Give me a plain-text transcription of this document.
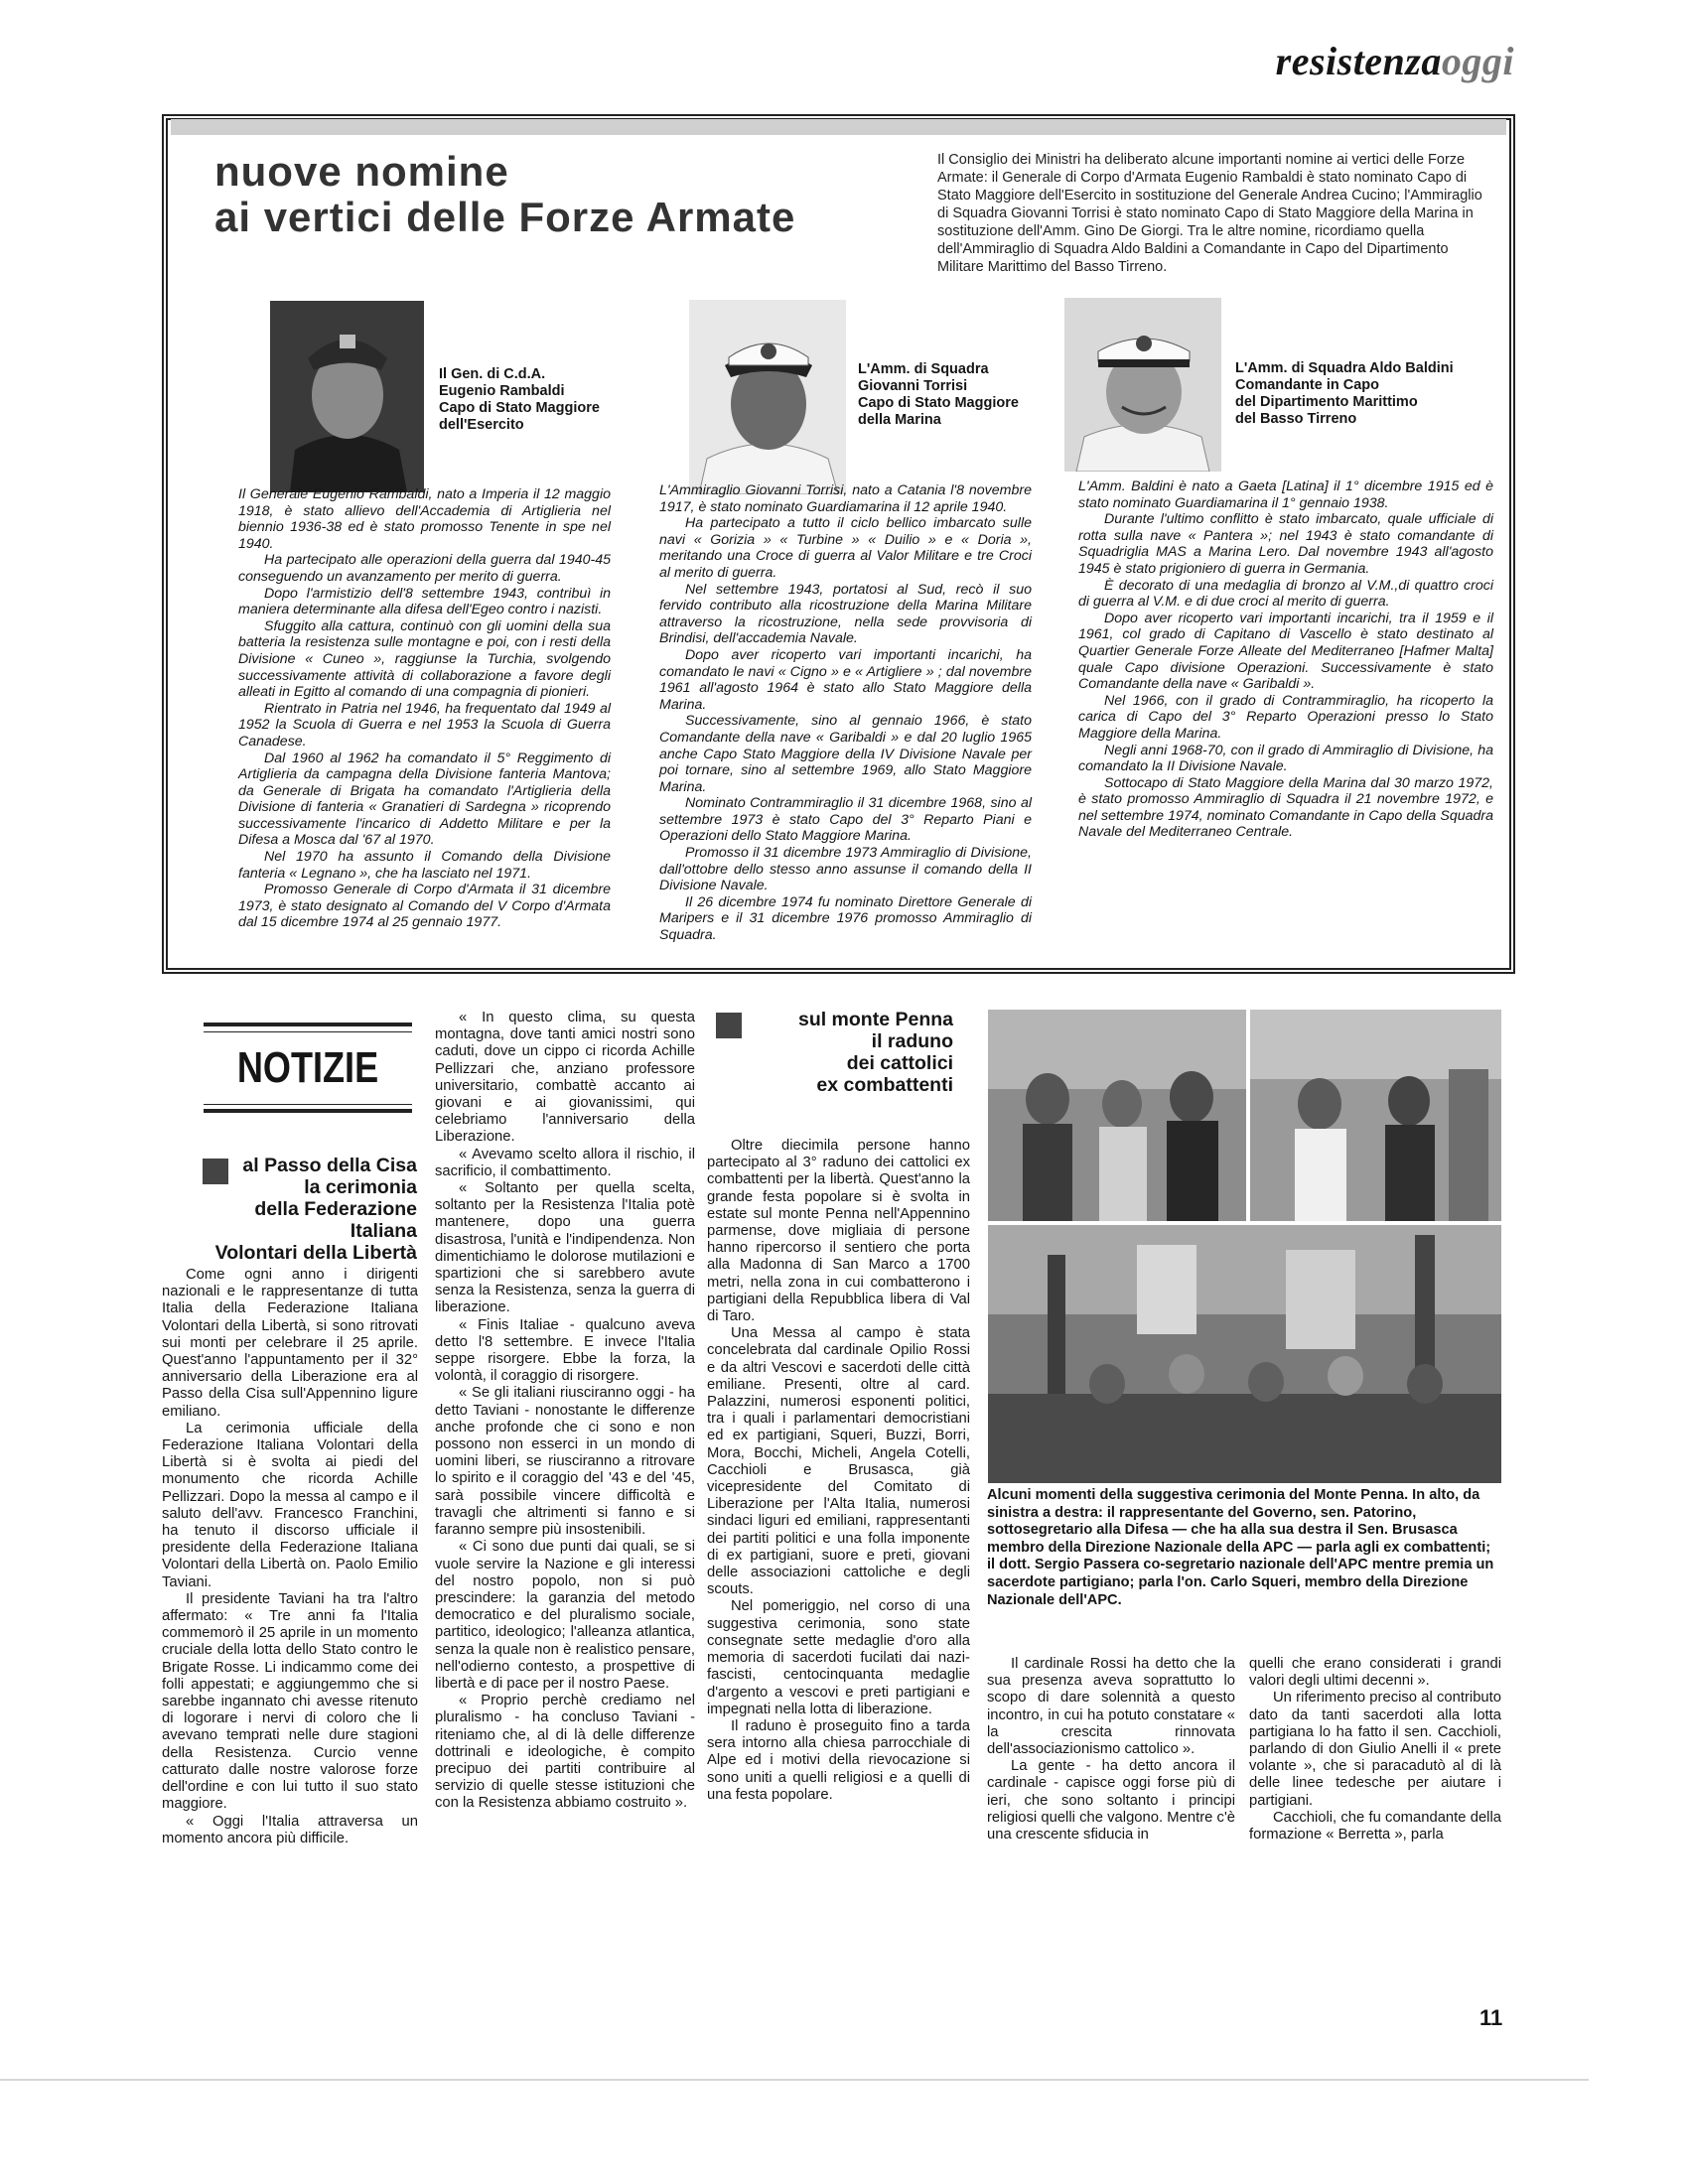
resistenzaoggi
nuove nomine
ai vertici delle Forze Armate
Il Consiglio dei Ministri ha deliberato alcune importanti nomine ai vertici delle Forze Armate: il Generale di Corpo d'Armata Eugenio Rambaldi è stato nominato Capo di Stato Maggiore dell'Esercito in sostituzione del Generale Andrea Cucino; l'Ammiraglio di Squadra Giovanni Torrisi è stato nominato Capo di Stato Maggiore della Marina in sostituzione dell'Amm. Gino De Giorgi. Tra le altre nomine, ricordiamo quella dell'Ammiraglio di Squadra Aldo Baldini a Comandante in Capo del Dipartimento Militare Marittimo del Basso Tirreno.
Il Gen. di C.d.A.
Eugenio Rambaldi
Capo di Stato Maggiore
dell'Esercito
L'Amm. di Squadra
Giovanni Torrisi
Capo di Stato Maggiore
della Marina
L'Amm. di Squadra Aldo Baldini
Comandante in Capo
del Dipartimento Marittimo
del Basso Tirreno

Il Generale Eugenio Rambaldi, nato a Imperia il 12 maggio 1918, è stato allievo dell'Accademia di Artiglieria nel biennio 1936-38 ed è stato promosso Tenente in spe nel 1940.

Ha partecipato alle operazioni della guerra dal 1940-45 conseguendo un avanzamento per merito di guerra.

Dopo l'armistizio dell'8 settembre 1943, contribuì in maniera determinante alla difesa dell'Egeo contro i nazisti.

Sfuggito alla cattura, continuò con gli uomini della sua batteria la resistenza sulle montagne e poi, con i resti della Divisione « Cuneo », raggiunse la Turchia, svolgendo successivamente attività di collaborazione a favore degli alleati in Egitto al comando di una compagnia di pionieri.

Rientrato in Patria nel 1946, ha frequentato dal 1949 al 1952 la Scuola di Guerra e nel 1953 la Scuola di Guerra Canadese.

Dal 1960 al 1962 ha comandato il 5° Reggimento di Artiglieria da campagna della Divisione fanteria Mantova; da Generale di Brigata ha comandato l'Artiglieria della Divisione di fanteria « Granatieri di Sardegna » ricoprendo successivamente l'incarico di Addetto Militare e per la Difesa a Mosca dal '67 al 1970.

Nel 1970 ha assunto il Comando della Divisione fanteria « Legnano », che ha lasciato nel 1971.

Promosso Generale di Corpo d'Armata il 31 dicembre 1973, è stato designato al Comando del V Corpo d'Armata dal 15 dicembre 1974 al 25 gennaio 1977.

L'Ammiraglio Giovanni Torrisi, nato a Catania l'8 novembre 1917, è stato nominato Guardiamarina il 12 aprile 1940.

Ha partecipato a tutto il ciclo bellico imbarcato sulle navi « Gorizia » « Turbine » « Duilio » e « Doria », meritando una Croce di guerra al Valor Militare e tre Croci al merito di guerra.

Nel settembre 1943, portatosi al Sud, recò il suo fervido contributo alla ricostruzione della Marina Militare attraverso la ricostruzione, nella sede provvisoria di Brindisi, dell'accademia Navale.

Dopo aver ricoperto vari importanti incarichi, ha comandato le navi « Cigno » e « Artigliere » ; dal novembre 1961 all'agosto 1964 è stato allo Stato Maggiore della Marina.

Successivamente, sino al gennaio 1966, è stato Comandante della nave « Garibaldi » e dal 20 luglio 1965 anche Capo Stato Maggiore della IV Divisione Navale per poi tornare, sino al settembre 1969, allo Stato Maggiore Marina.

Nominato Contrammiraglio il 31 dicembre 1968, sino al settembre 1973 è stato Capo del 3° Reparto Piani e Operazioni dello Stato Maggiore Marina.

Promosso il 31 dicembre 1973 Ammiraglio di Divisione, dall'ottobre dello stesso anno assunse il comando della II Divisione Navale.

Il 26 dicembre 1974 fu nominato Direttore Generale di Maripers e il 31 dicembre 1976 promosso Ammiraglio di Squadra.

L'Amm. Baldini è nato a Gaeta [Latina] il 1° dicembre 1915 ed è stato nominato Guardiamarina il 1° gennaio 1938.

Durante l'ultimo conflitto è stato imbarcato, quale ufficiale di rotta sulla nave « Pantera »; nel 1943 è stato comandante di Squadriglia MAS a Marina Lero. Dal novembre 1943 all'agosto 1945 è stato prigioniero di guerra in Germania.

È decorato di una medaglia di bronzo al V.M.,di quattro croci di guerra al V.M. e di due croci al merito di guerra.

Dopo aver ricoperto vari importanti incarichi, tra il 1959 e il 1961, col grado di Capitano di Vascello è stato destinato al Quartier Generale Forze Alleate del Mediterraneo [Hafmer Malta] quale Capo divisione Operazioni. Successivamente è stato Comandante della nave « Garibaldi ».

Nel 1966, con il grado di Contrammiraglio, ha ricoperto la carica di Capo del 3° Reparto Operazioni presso lo Stato Maggiore della Marina.

Negli anni 1968-70, con il grado di Ammiraglio di Divisione, ha comandato la II Divisione Navale.

Sottocapo di Stato Maggiore della Marina dal 30 marzo 1972, è stato promosso Ammiraglio di Squadra il 21 novembre 1972, e nel settembre 1974, nominato Comandante in Capo della Squadra Navale del Mediterraneo Centrale.

NOTIZIE
al Passo della Cisa
la cerimonia
della Federazione Italiana
Volontari della Libertà

Come ogni anno i dirigenti nazionali e le rappresentanze di tutta Italia della Federazione Italiana Volontari della Libertà, si sono ritrovati sui monti per celebrare il 25 aprile. Quest'anno l'appuntamento per il 32° anniversario della Liberazione era al Passo della Cisa sull'Appennino ligure emiliano.

La cerimonia ufficiale della Federazione Italiana Volontari della Libertà si è svolta ai piedi del monumento che ricorda Achille Pellizzari. Dopo la messa al campo e il saluto dell'avv. Francesco Franchini, ha tenuto il discorso ufficiale il presidente della Federazione Italiana Volontari della Libertà on. Paolo Emilio Taviani.

Il presidente Taviani ha tra l'altro affermato: « Tre anni fa l'Italia commemorò il 25 aprile in un momento cruciale della lotta dello Stato contro le Brigate Rosse. Li indicammo come dei folli appestati; e aggiungemmo che si sarebbe ingannato chi avesse ritenuto di logorare i nervi di coloro che li avevano temprati nelle dure stagioni della Resistenza. Curcio venne catturato dalle nostre valorose forze dell'ordine e con lui tutto il suo stato maggiore.

« Oggi l'Italia attraversa un momento ancora più difficile.

« In questo clima, su questa montagna, dove tanti amici nostri sono caduti, dove un cippo ci ricorda Achille Pellizzari che, anziano professore universitario, combattè accanto ai giovani e ai giovanissimi, qui celebriamo l'anniversario della Liberazione.

« Avevamo scelto allora il rischio, il sacrificio, il combattimento.

« Soltanto per quella scelta, soltanto per la Resistenza l'Italia potè mantenere, dopo una guerra disastrosa, l'unità e l'indipendenza. Non dimentichiamo le dolorose mutilazioni e spartizioni che si sarebbero avute senza la Resistenza, senza la guerra di liberazione.

« Finis Italiae - qualcuno aveva detto l'8 settembre. E invece l'Italia seppe risorgere. Ebbe la forza, la volontà, il coraggio di risorgere.

« Se gli italiani riusciranno oggi - ha detto Taviani - nonostante le differenze anche profonde che ci sono e non possono non esserci in un mondo di uomini liberi, se riusciranno a ritrovare lo spirito e il coraggio del '43 e del '45, sarà possibile vincere difficoltà e travagli che altrimenti si fanno e si faranno sempre più insostenibili.

« Ci sono due punti dai quali, se si vuole servire la Nazione e gli interessi del nostro popolo, non si può prescindere: la garanzia del metodo democratico e del pluralismo sociale, partitico, ideologico; l'alleanza atlantica, senza la quale non è realistico pensare, nell'odierno contesto, a prospettive di libertà e di pace per il nostro Paese.

« Proprio perchè crediamo nel pluralismo - ha concluso Taviani - riteniamo che, al di là delle differenze dottrinali e ideologiche, è compito precipuo dei partiti contribuire al servizio di quelle stesse istituzioni che con la Resistenza abbiamo costruito ».

sul monte Penna
il raduno
dei cattolici
ex combattenti

Oltre diecimila persone hanno partecipato al 3° raduno dei cattolici ex combattenti per la libertà. Quest'anno la grande festa popolare si è svolta in estate sul monte Penna nell'Appennino parmense, dove migliaia di persone hanno ripercorso il sentiero che porta alla Madonna di San Marco a 1700 metri, nella zona in cui combatterono i partigiani della Repubblica libera di Val di Taro.

Una Messa al campo è stata concelebrata dal cardinale Opilio Rossi e da altri Vescovi e sacerdoti delle città emiliane. Presenti, oltre al card. Palazzini, numerosi esponenti politici, tra i quali i parlamentari democristiani ed ex partigiani, Squeri, Buzzi, Borri, Mora, Bocchi, Micheli, Angela Cotelli, Cacchioli e Brusasca, già vicepresidente del Comitato di Liberazione per l'Alta Italia, numerosi sindaci liguri ed emiliani, rappresentanti dei partiti politici e una folla imponente di ex partigiani, suore e preti, giovani delle associazioni cattoliche e degli scouts.

Nel pomeriggio, nel corso di una suggestiva cerimonia, sono state consegnate sette medaglie d'oro alla memoria di sacerdoti fucilati dai nazi-fascisti, centocinquanta medaglie d'argento a vescovi e preti partigiani e impegnati nella lotta di liberazione.

Il raduno è proseguito fino a tarda sera intorno alla chiesa parrocchiale di Alpe ed i motivi della rievocazione si sono uniti a quelli religiosi e a quelli di una festa popolare.

Alcuni momenti della suggestiva cerimonia del Monte Penna. In alto, da sinistra a destra: il rappresentante del Governo, sen. Patorino, sottosegretario alla Difesa — che ha alla sua destra il Sen. Brusasca membro della Direzione Nazionale della APC — parla agli ex combattenti; il dott. Sergio Passera co-segretario nazionale dell'APC mentre premia un sacerdote partigiano; parla l'on. Carlo Squeri, membro della Direzione Nazionale dell'APC.

Il cardinale Rossi ha detto che la sua presenza aveva soprattutto lo scopo di dare solennità a questo incontro, in cui ha potuto constatare « la crescita rinnovata dell'associazionismo cattolico ».

La gente - ha detto ancora il cardinale - capisce oggi forse più di ieri, che sono soltanto i principi religiosi quelli che valgono. Mentre c'è una crescente sfiducia in

quelli che erano considerati i grandi valori degli ultimi decenni ».

Un riferimento preciso al contributo dato da tanti sacerdoti alla lotta partigiana lo ha fatto il sen. Cacchioli, parlando di don Giulio Anelli il « prete volante », che si paracadutò al di là delle linee tedesche per aiutare i partigiani.

Cacchioli, che fu comandante della formazione « Berretta », parla

11
